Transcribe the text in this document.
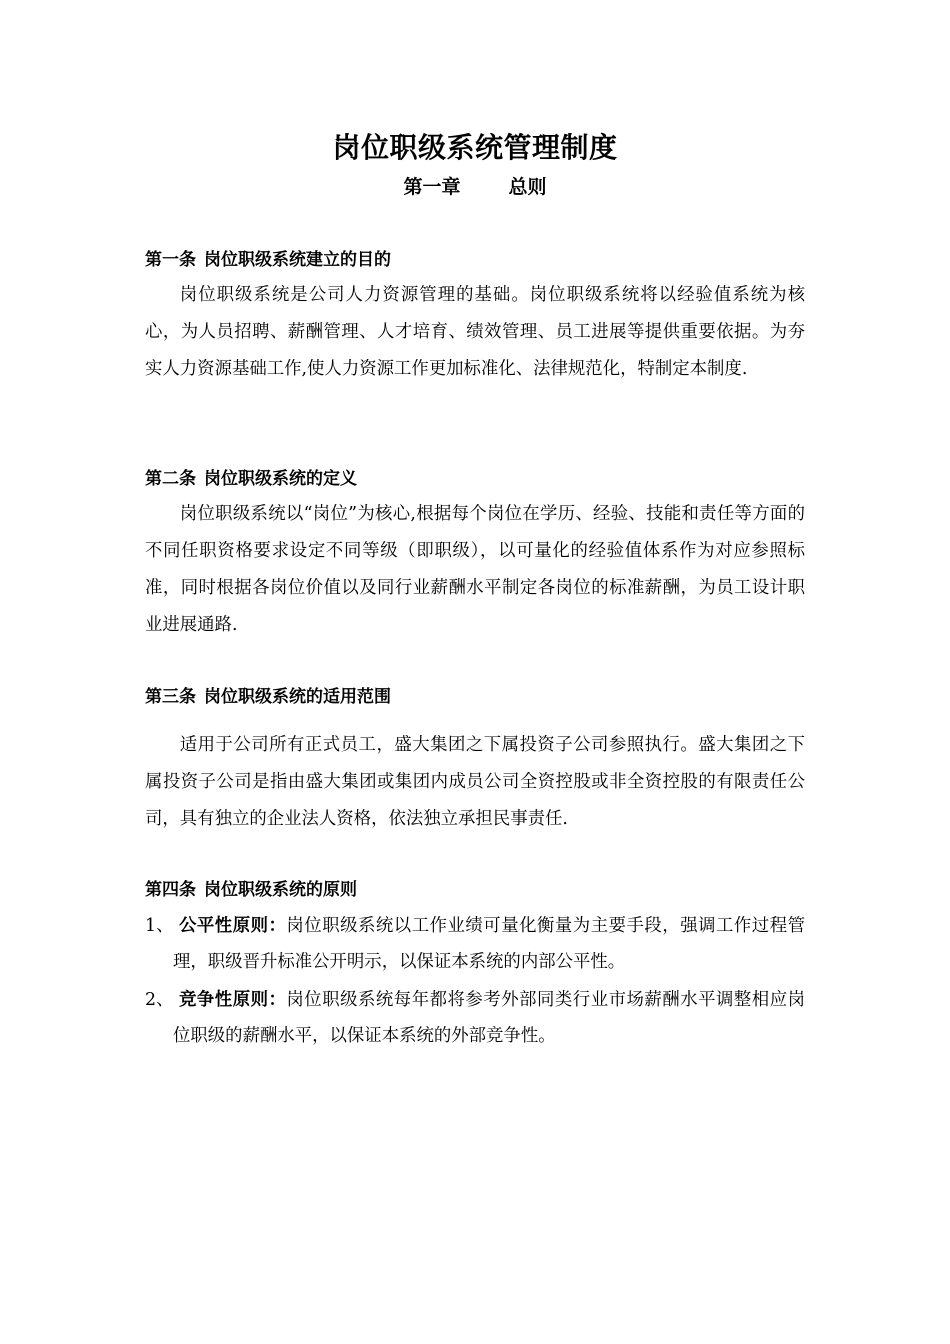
岗位职级系统管理制度
第一章	总则
第一条 岗位职级系统建立的目的

岗位职级系统是公司人力资源管理的基础。岗位职级系统将以经验值系统为核心，为人员招聘、薪酬管理、人才培育、绩效管理、员工进展等提供重要依据。为夯实人力资源基础工作,使人力资源工作更加标准化、法律规范化，特制定本制度.

第二条 岗位职级系统的定义

岗位职级系统以“岗位”为核心,根据每个岗位在学历、经验、技能和责任等方面的不同任职资格要求设定不同等级（即职级），以可量化的经验值体系作为对应参照标准，同时根据各岗位价值以及同行业薪酬水平制定各岗位的标准薪酬，为员工设计职业进展通路.

第三条 岗位职级系统的适用范围

适用于公司所有正式员工，盛大集团之下属投资子公司参照执行。盛大集团之下属投资子公司是指由盛大集团或集团内成员公司全资控股或非全资控股的有限责任公司，具有独立的企业法人资格，依法独立承担民事责任.

第四条 岗位职级系统的原则
1、 公平性原则：岗位职级系统以工作业绩可量化衡量为主要手段，强调工作过程管理，职级晋升标准公开明示，以保证本系统的内部公平性。
2、 竞争性原则：岗位职级系统每年都将参考外部同类行业市场薪酬水平调整相应岗位职级的薪酬水平，以保证本系统的外部竞争性。
